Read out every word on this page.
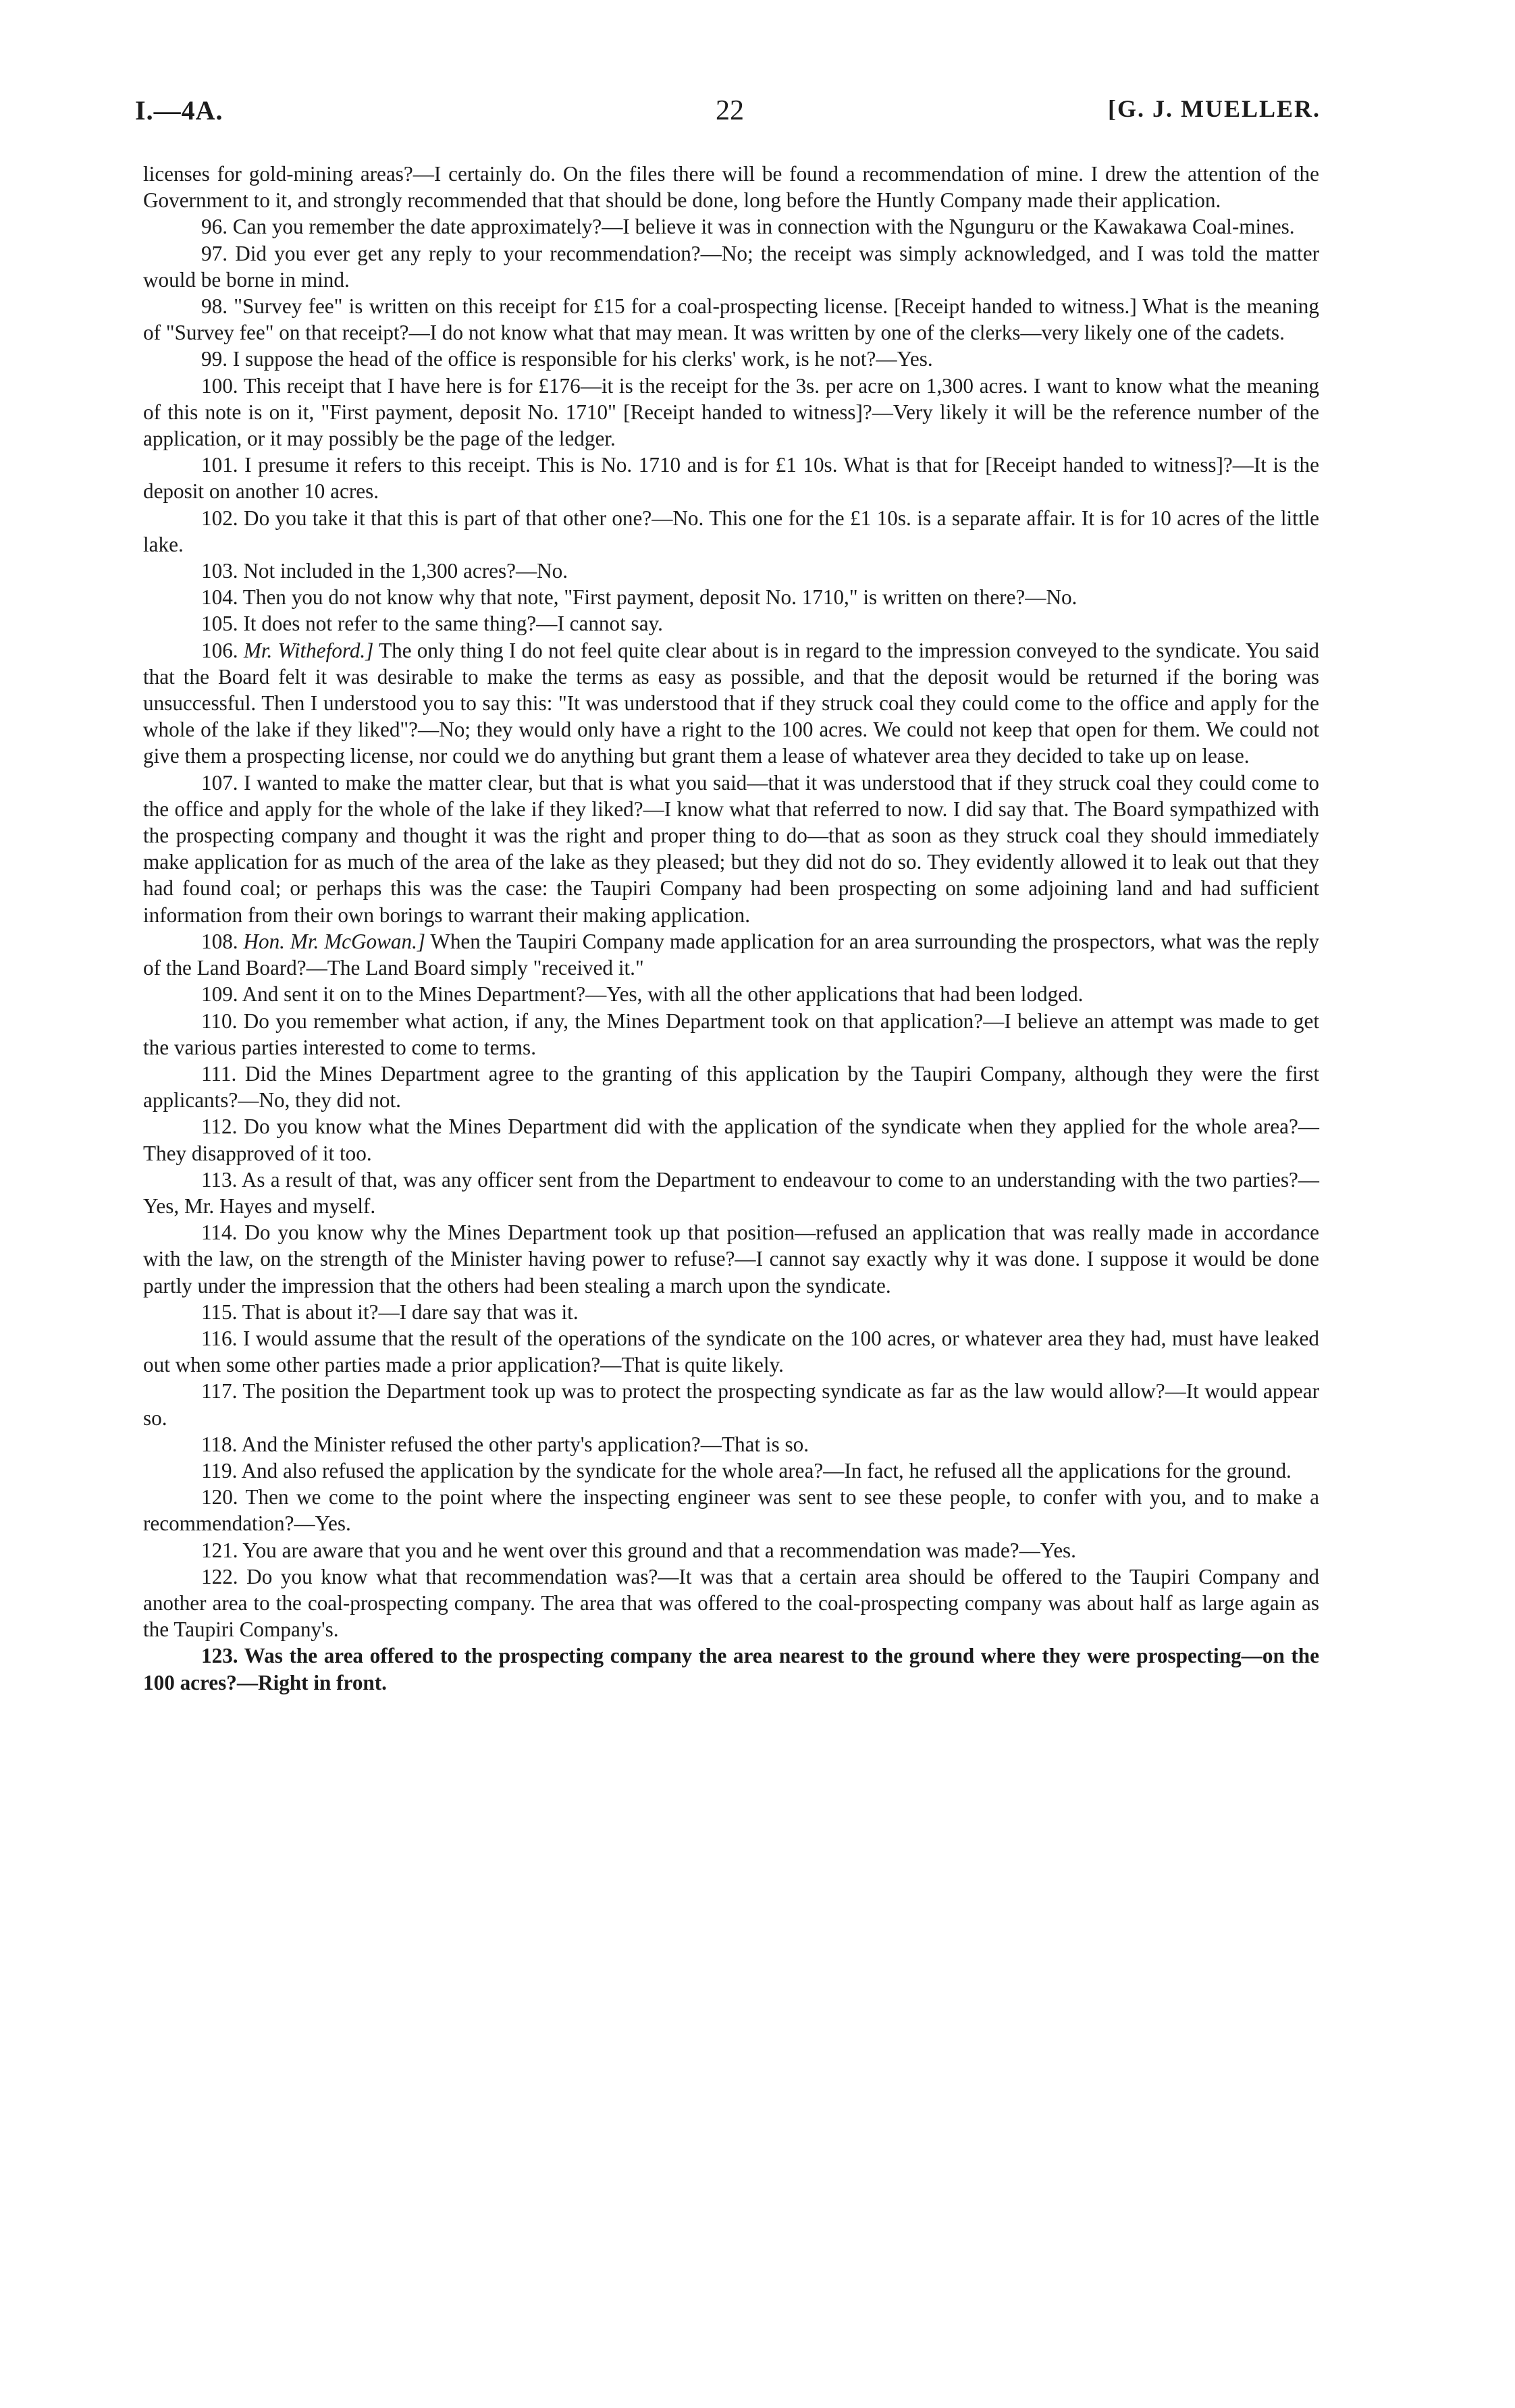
I.—4A.	22	[G. J. MUELLER.

licenses for gold-mining areas?—I certainly do. On the files there will be found a recommendation of mine. I drew the attention of the Government to it, and strongly recommended that that should be done, long before the Huntly Company made their application.

96. Can you remember the date approximately?—I believe it was in connection with the Ngunguru or the Kawakawa Coal-mines.

97. Did you ever get any reply to your recommendation?—No; the receipt was simply acknowledged, and I was told the matter would be borne in mind.

98. "Survey fee" is written on this receipt for £15 for a coal-prospecting license. [Receipt handed to witness.] What is the meaning of "Survey fee" on that receipt?—I do not know what that may mean. It was written by one of the clerks—very likely one of the cadets.

99. I suppose the head of the office is responsible for his clerks' work, is he not?—Yes.

100. This receipt that I have here is for £176—it is the receipt for the 3s. per acre on 1,300 acres. I want to know what the meaning of this note is on it, "First payment, deposit No. 1710" [Receipt handed to witness]?—Very likely it will be the reference number of the application, or it may possibly be the page of the ledger.

101. I presume it refers to this receipt. This is No. 1710 and is for £1 10s. What is that for [Receipt handed to witness]?—It is the deposit on another 10 acres.

102. Do you take it that this is part of that other one?—No. This one for the £1 10s. is a separate affair. It is for 10 acres of the little lake.

103. Not included in the 1,300 acres?—No.

104. Then you do not know why that note, "First payment, deposit No. 1710," is written on there?—No.

105. It does not refer to the same thing?—I cannot say.

106. Mr. Witheford.] The only thing I do not feel quite clear about is in regard to the impression conveyed to the syndicate. You said that the Board felt it was desirable to make the terms as easy as possible, and that the deposit would be returned if the boring was unsuccessful. Then I understood you to say this: "It was understood that if they struck coal they could come to the office and apply for the whole of the lake if they liked"?—No; they would only have a right to the 100 acres. We could not keep that open for them. We could not give them a prospecting license, nor could we do anything but grant them a lease of whatever area they decided to take up on lease.

107. I wanted to make the matter clear, but that is what you said—that it was understood that if they struck coal they could come to the office and apply for the whole of the lake if they liked?—I know what that referred to now. I did say that. The Board sympathized with the prospecting company and thought it was the right and proper thing to do—that as soon as they struck coal they should immediately make application for as much of the area of the lake as they pleased; but they did not do so. They evidently allowed it to leak out that they had found coal; or perhaps this was the case: the Taupiri Company had been prospecting on some adjoining land and had sufficient information from their own borings to warrant their making application.

108. Hon. Mr. McGowan.] When the Taupiri Company made application for an area surrounding the prospectors, what was the reply of the Land Board?—The Land Board simply "received it."

109. And sent it on to the Mines Department?—Yes, with all the other applications that had been lodged.

110. Do you remember what action, if any, the Mines Department took on that application?—I believe an attempt was made to get the various parties interested to come to terms.

111. Did the Mines Department agree to the granting of this application by the Taupiri Company, although they were the first applicants?—No, they did not.

112. Do you know what the Mines Department did with the application of the syndicate when they applied for the whole area?—They disapproved of it too.

113. As a result of that, was any officer sent from the Department to endeavour to come to an understanding with the two parties?—Yes, Mr. Hayes and myself.

114. Do you know why the Mines Department took up that position—refused an application that was really made in accordance with the law, on the strength of the Minister having power to refuse?—I cannot say exactly why it was done. I suppose it would be done partly under the impression that the others had been stealing a march upon the syndicate.

115. That is about it?—I dare say that was it.

116. I would assume that the result of the operations of the syndicate on the 100 acres, or whatever area they had, must have leaked out when some other parties made a prior application?—That is quite likely.

117. The position the Department took up was to protect the prospecting syndicate as far as the law would allow?—It would appear so.

118. And the Minister refused the other party's application?—That is so.

119. And also refused the application by the syndicate for the whole area?—In fact, he refused all the applications for the ground.

120. Then we come to the point where the inspecting engineer was sent to see these people, to confer with you, and to make a recommendation?—Yes.

121. You are aware that you and he went over this ground and that a recommendation was made?—Yes.

122. Do you know what that recommendation was?—It was that a certain area should be offered to the Taupiri Company and another area to the coal-prospecting company. The area that was offered to the coal-prospecting company was about half as large again as the Taupiri Company's.

123. Was the area offered to the prospecting company the area nearest to the ground where they were prospecting—on the 100 acres?—Right in front.
